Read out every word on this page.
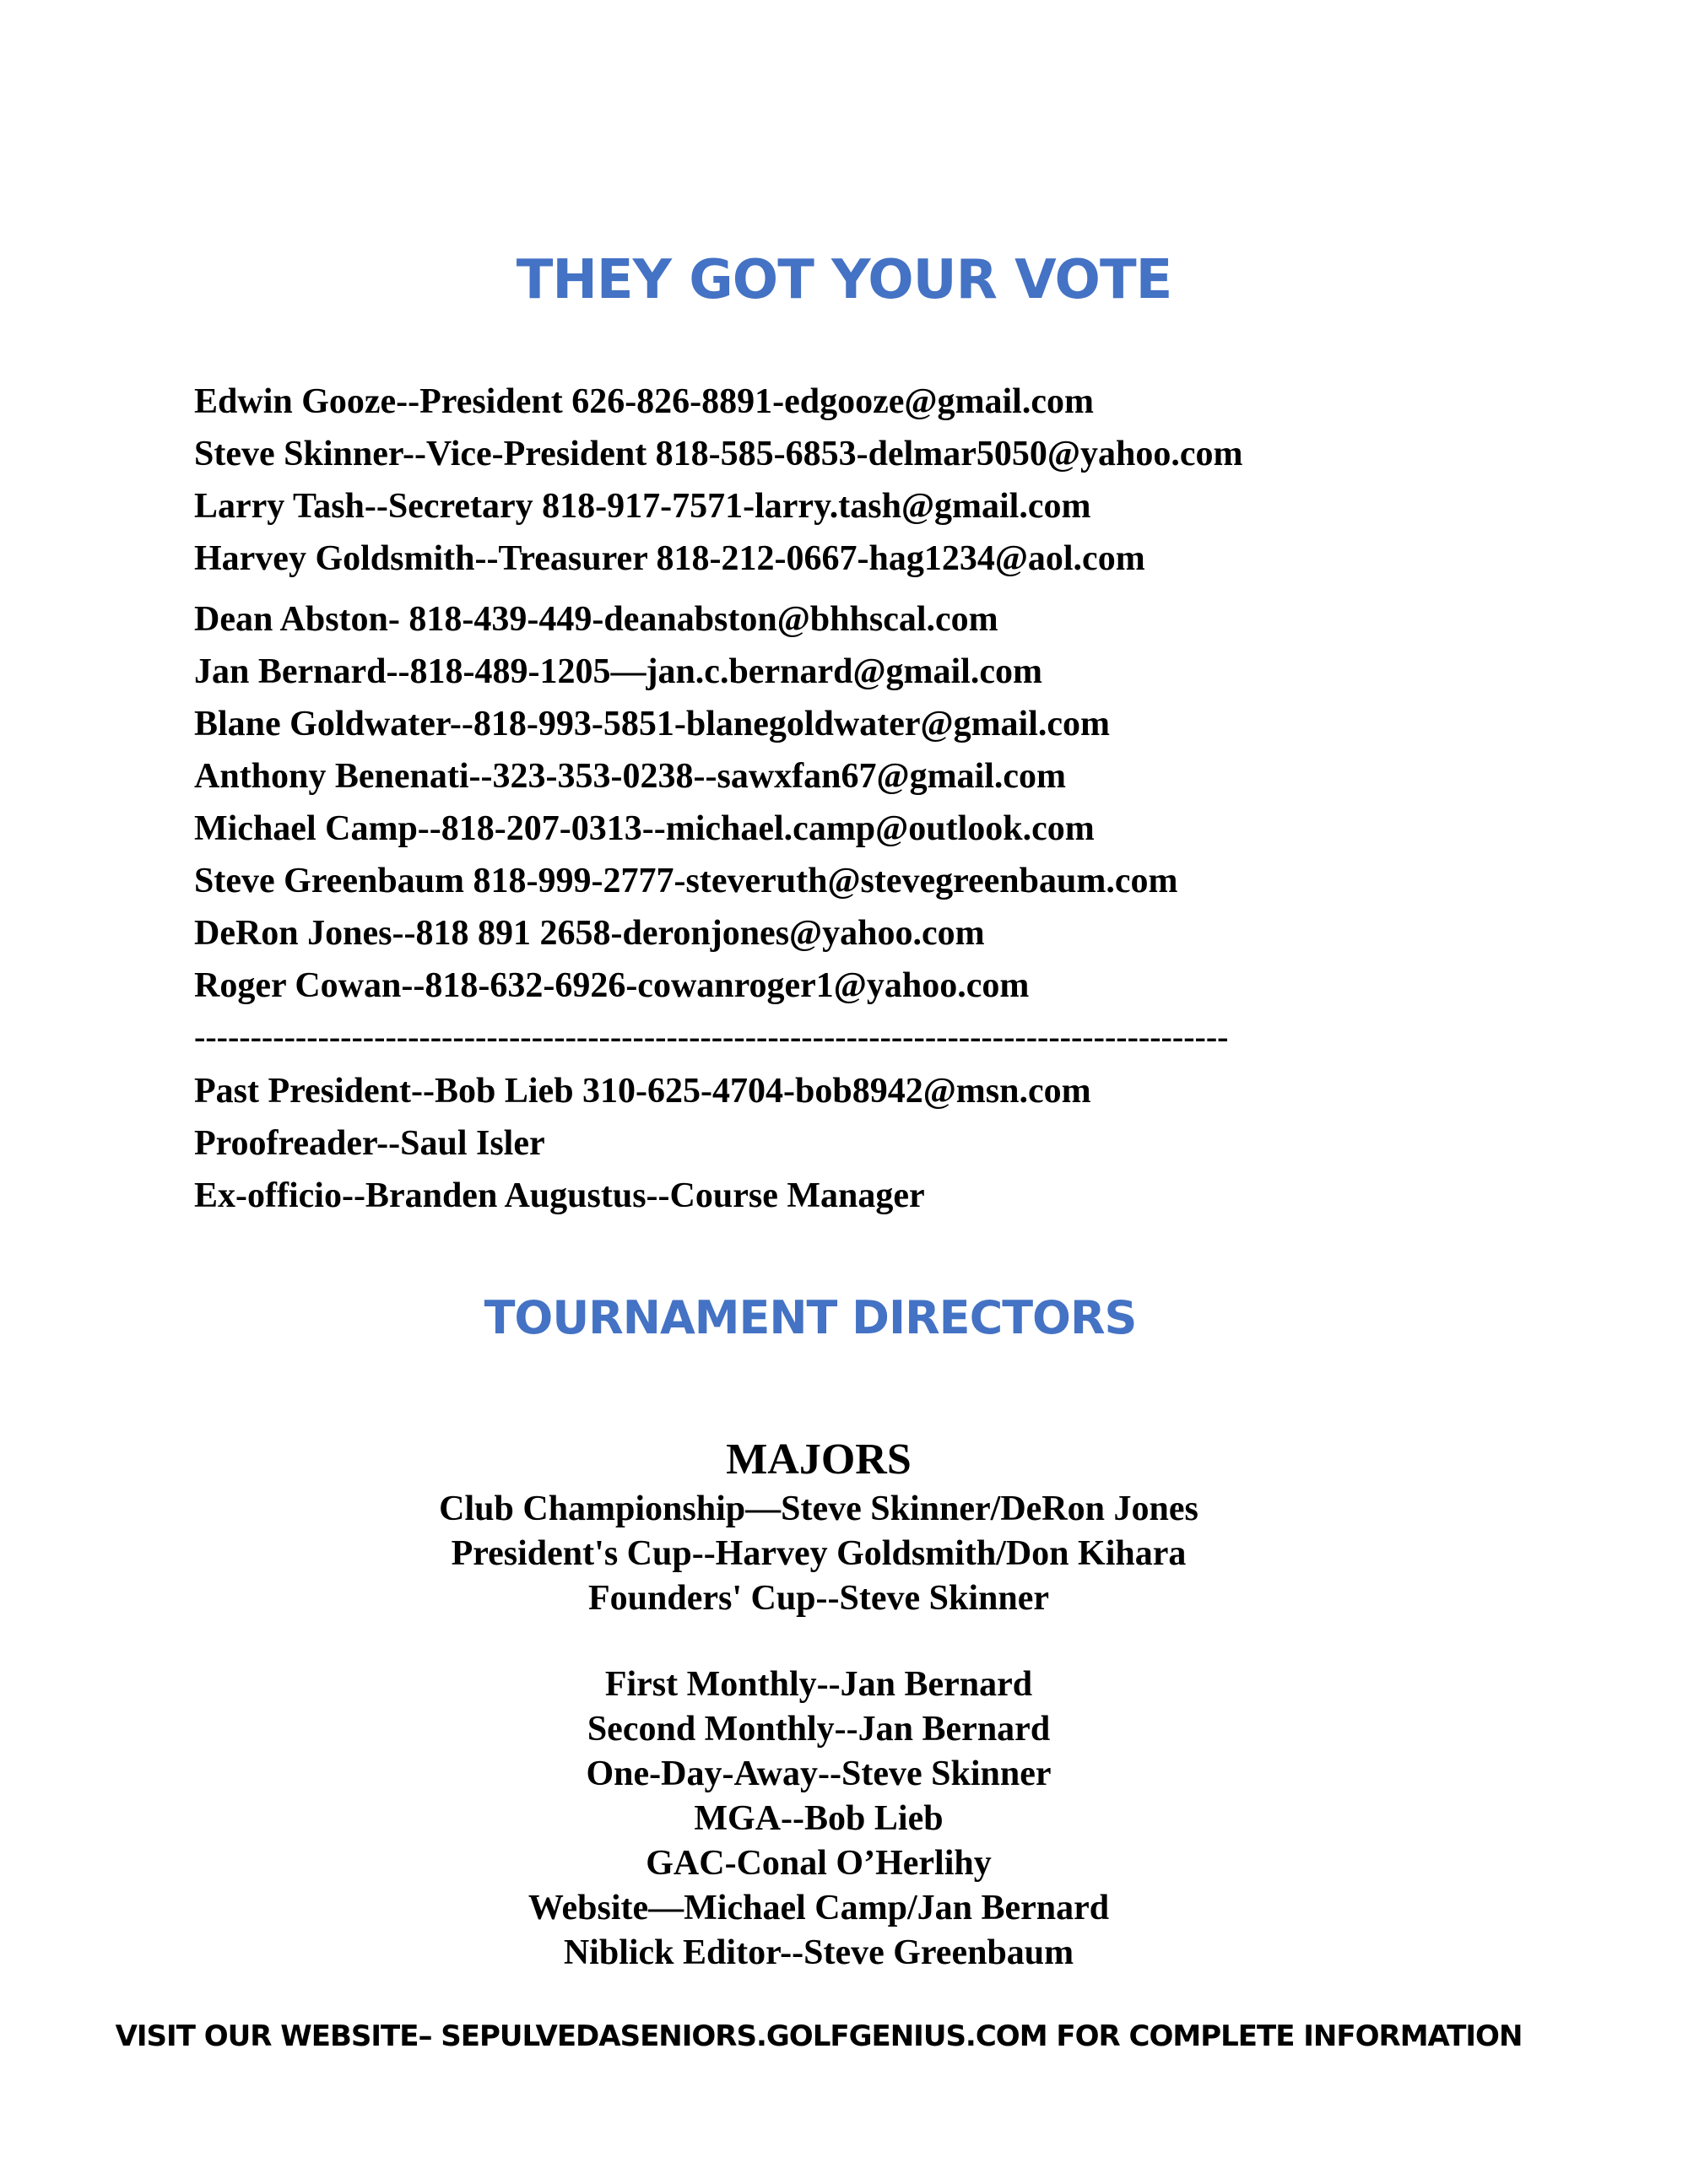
THEY GOT YOUR VOTE
Edwin Gooze--President 626-826-8891-edgooze@gmail.com
Steve Skinner--Vice-President 818-585-6853-delmar5050@yahoo.com
Larry Tash--Secretary 818-917-7571-larry.tash@gmail.com
Harvey Goldsmith--Treasurer 818-212-0667-hag1234@aol.com
Dean Abston- 818-439-449-deanabston@bhhscal.com
Jan Bernard--818-489-1205—jan.c.bernard@gmail.com
Blane Goldwater--818-993-5851-blanegoldwater@gmail.com
Anthony Benenati--323-353-0238--sawxfan67@gmail.com
Michael Camp--818-207-0313--michael.camp@outlook.com
Steve Greenbaum 818-999-2777-steveruth@stevegreenbaum.com
DeRon Jones--818 891 2658-deronjones@yahoo.com
Roger Cowan--818-632-6926-cowanroger1@yahoo.com
--------------------------------------------------------------------------------------------
Past President--Bob Lieb 310-625-4704-bob8942@msn.com
Proofreader--Saul Isler
Ex-officio--Branden Augustus--Course Manager
TOURNAMENT DIRECTORS
MAJORS
Club Championship—Steve Skinner/DeRon Jones
President's Cup--Harvey Goldsmith/Don Kihara
Founders' Cup--Steve Skinner
First Monthly--Jan Bernard
Second Monthly--Jan Bernard
One-Day-Away--Steve Skinner
MGA--Bob Lieb
GAC-Conal O’Herlihy
Website—Michael Camp/Jan Bernard
Niblick Editor--Steve Greenbaum
VISIT OUR WEBSITE– SEPULVEDASENIORS.GOLFGENIUS.COM FOR COMPLETE INFORMATION
